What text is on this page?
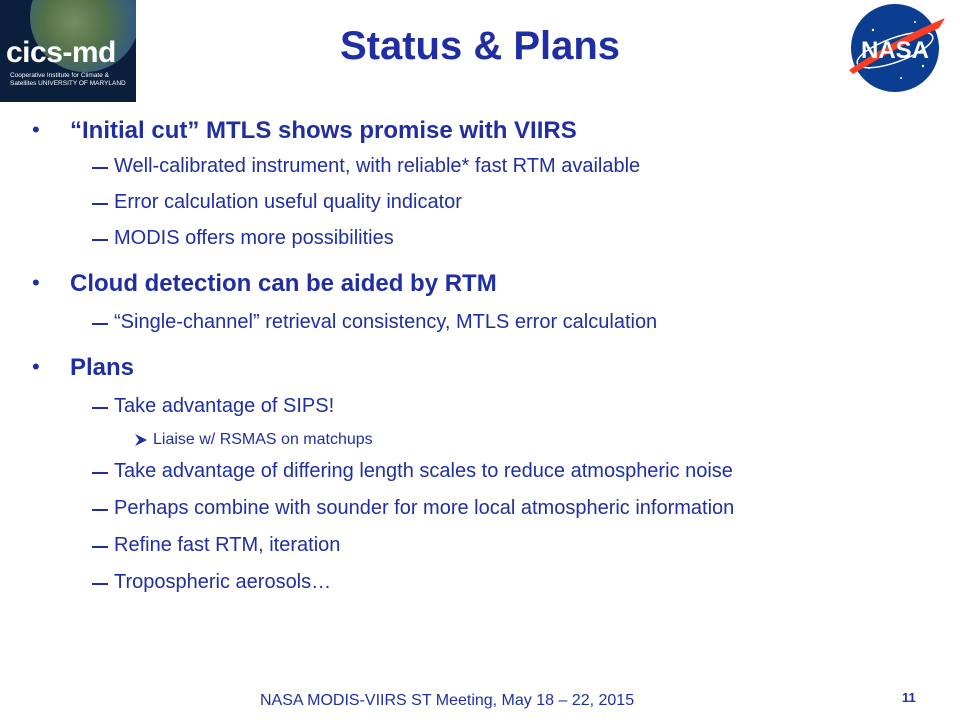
cics-md
Cooperative Institute for Climate & Satellites UNIVERSITY OF MARYLAND
NASA
Status & Plans
• “Initial cut” MTLS shows promise with VIIRS
Well-calibrated instrument, with reliable* fast RTM available
Error calculation useful quality indicator
MODIS offers more possibilities
• Cloud detection can be aided by RTM
“Single-channel” retrieval consistency, MTLS error calculation
• Plans
Take advantage of SIPS!
Liaise w/ RSMAS on matchups
Take advantage of differing length scales to reduce atmospheric noise
Perhaps combine with sounder for more local atmospheric information
Refine fast RTM, iteration
Tropospheric aerosols…
NASA MODIS-VIIRS ST Meeting, May 18 – 22, 2015	11
